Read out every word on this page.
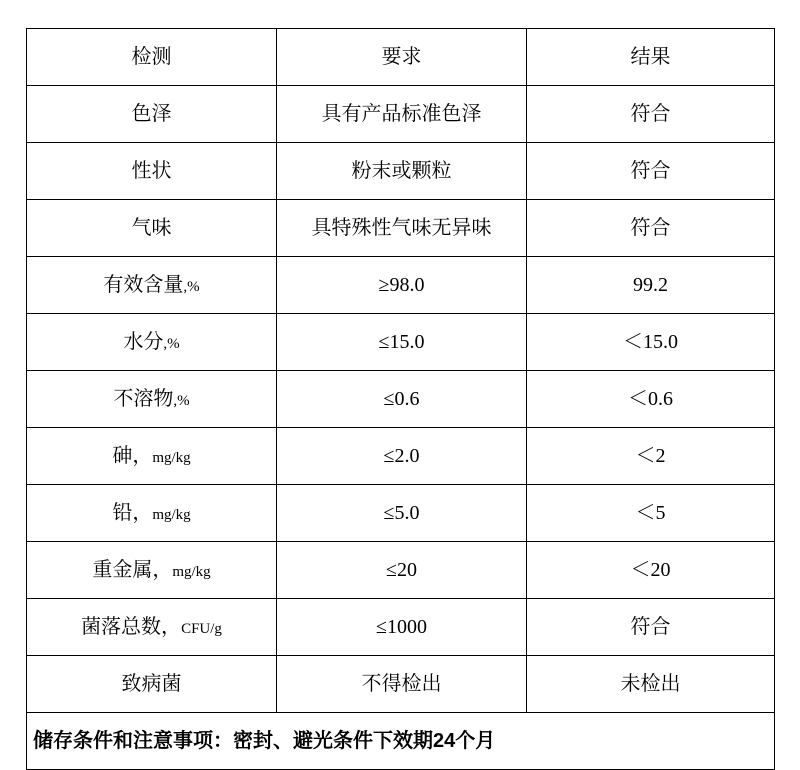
检测	要求	结果

色泽	具有产品标准色泽	符合

性状	粉末或颗粒	符合

气味	具特殊性气味无异味	符合

有效含量,%	≥98.0	99.2

水分,%	≤15.0	＜15.0

不溶物,%	≤0.6	＜0.6

砷，mg/kg	≤2.0	＜2

铅，mg/kg	≤5.0	＜5

重金属，mg/kg	≤20	＜20

菌落总数，CFU/g	≤1000	符合

致病菌	不得检出	未检出

储存条件和注意事项：密封、避光条件下效期24个月		
